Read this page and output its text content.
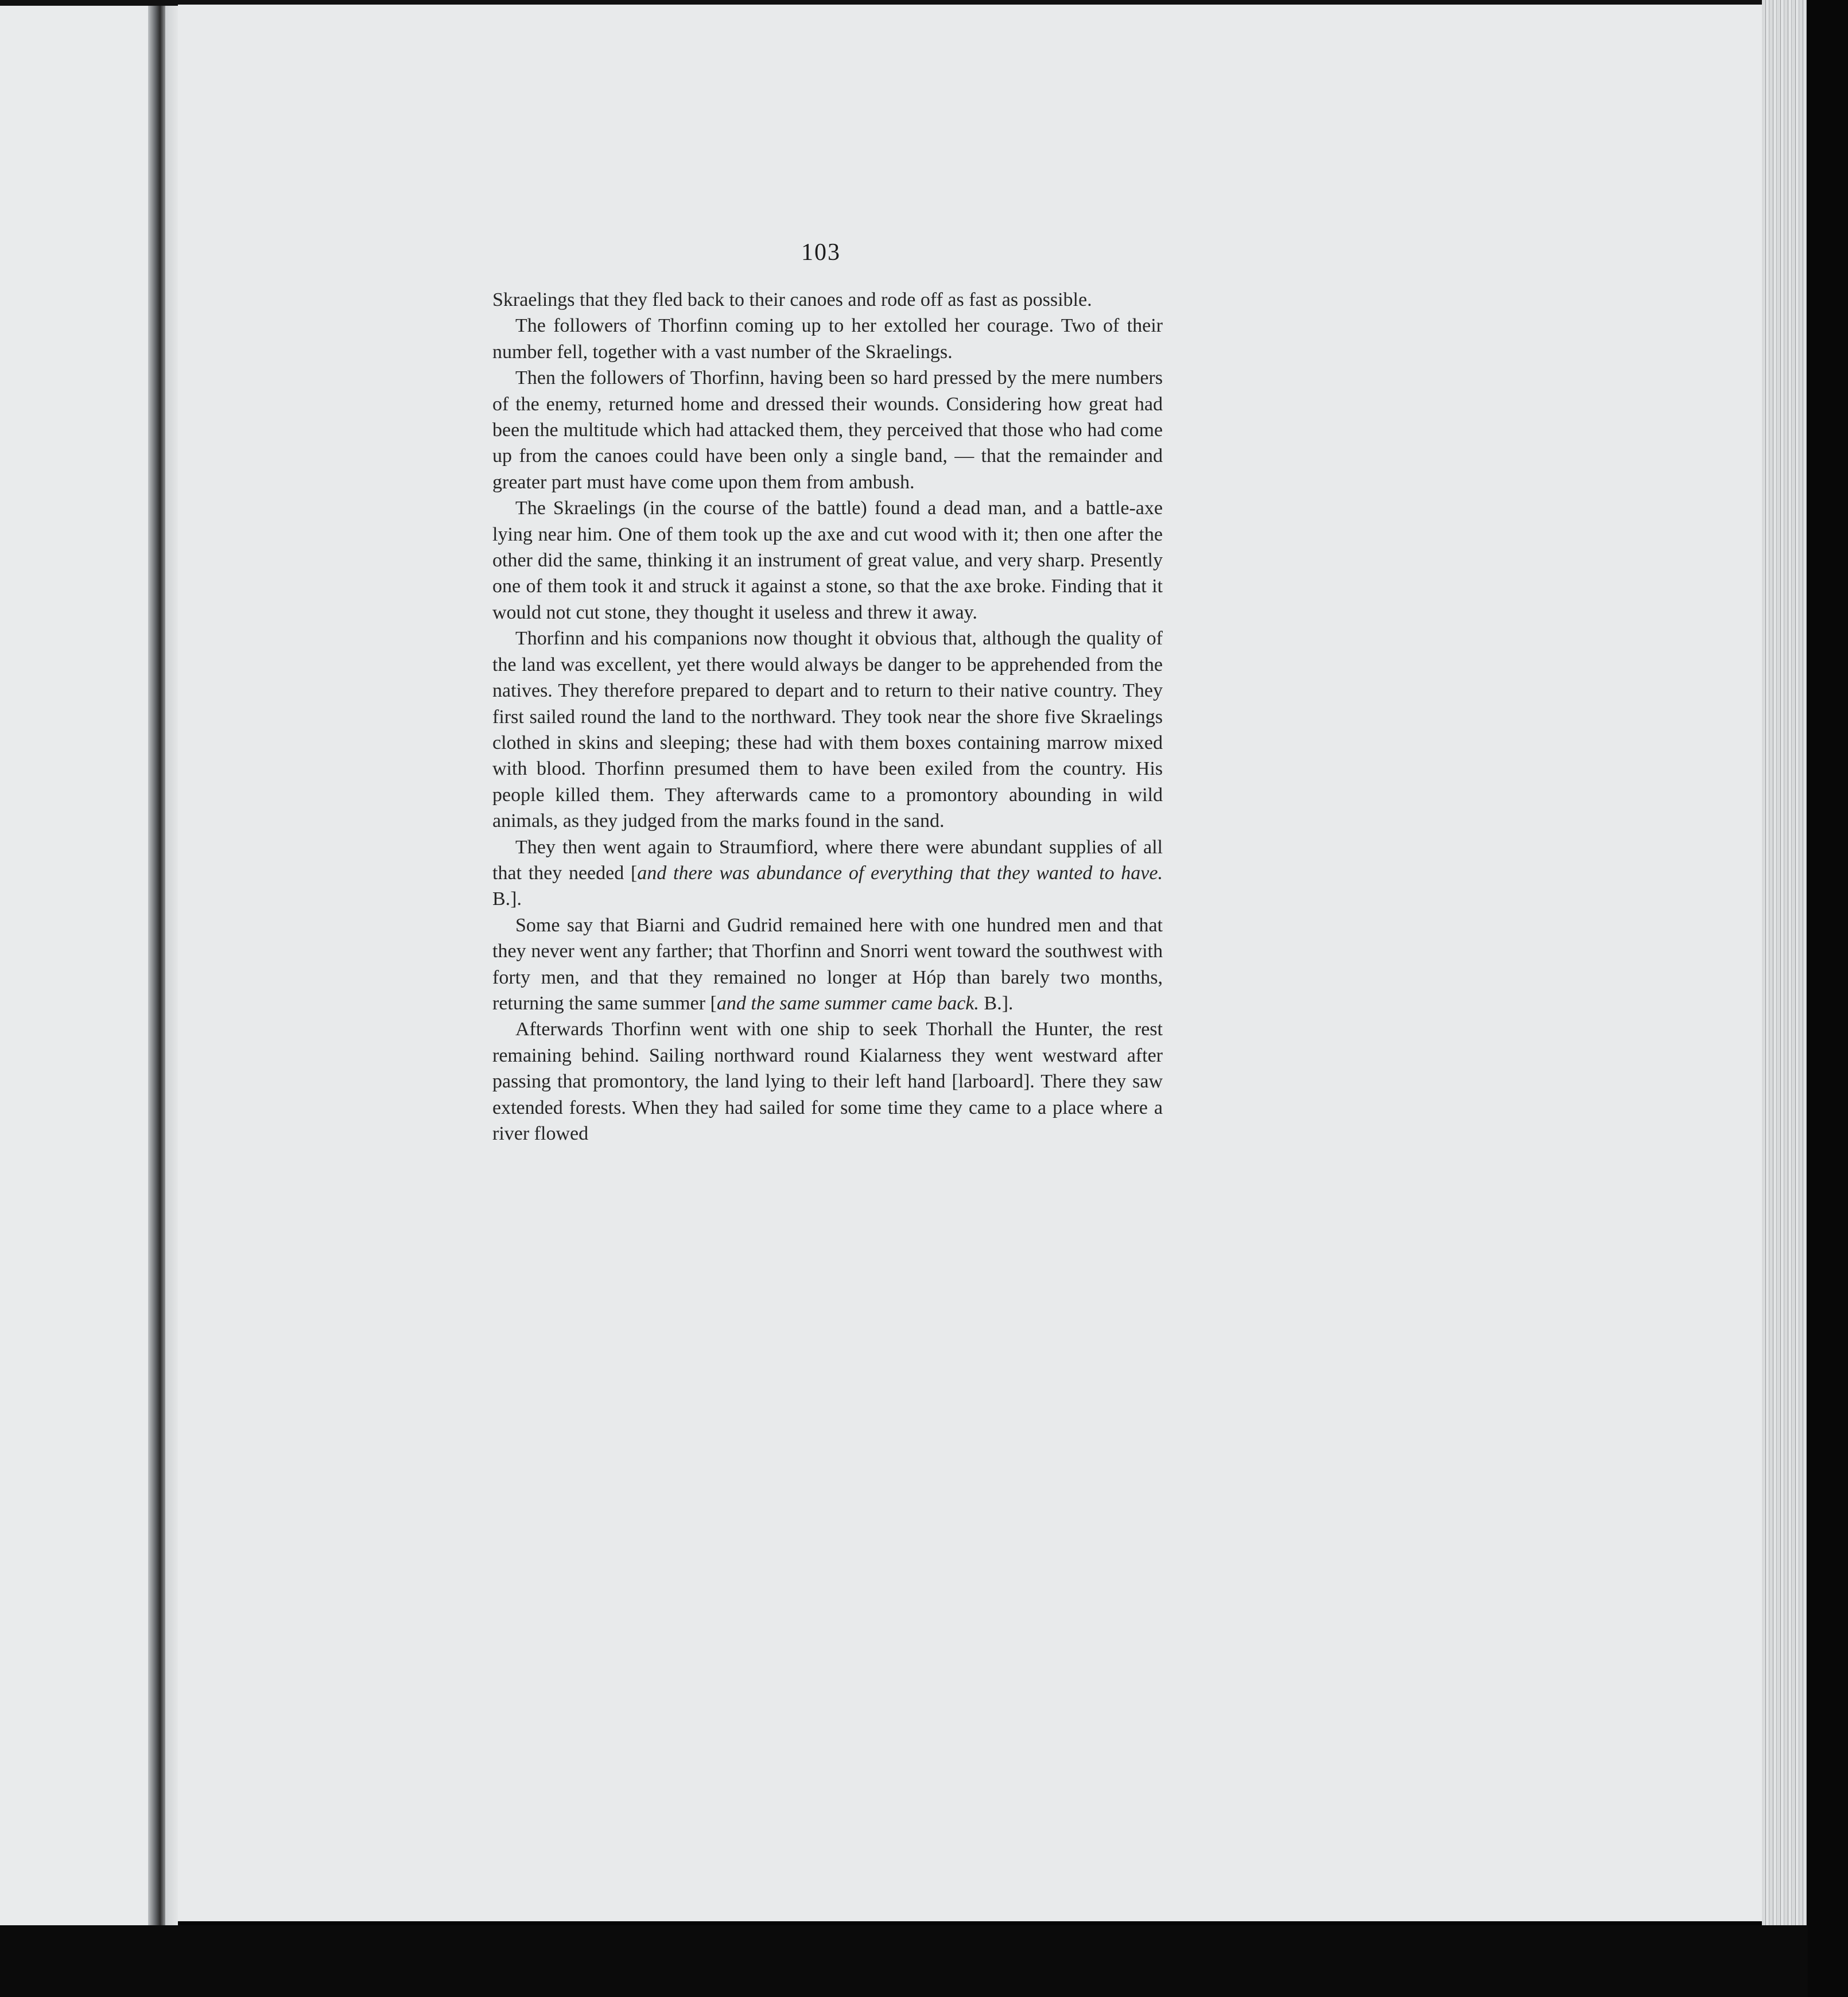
103

Skraelings that they fled back to their canoes and rode off as fast as possible.

The followers of Thorfinn coming up to her extolled her courage. Two of their number fell, together with a vast number of the Skraelings.

Then the followers of Thorfinn, having been so hard pressed by the mere numbers of the enemy, returned home and dressed their wounds. Considering how great had been the multitude which had attacked them, they perceived that those who had come up from the canoes could have been only a single band, — that the remainder and greater part must have come upon them from ambush.

The Skraelings (in the course of the battle) found a dead man, and a battle-axe lying near him. One of them took up the axe and cut wood with it; then one after the other did the same, thinking it an instrument of great value, and very sharp. Presently one of them took it and struck it against a stone, so that the axe broke. Finding that it would not cut stone, they thought it useless and threw it away.

Thorfinn and his companions now thought it obvious that, although the quality of the land was excellent, yet there would always be danger to be apprehended from the natives. They therefore prepared to depart and to return to their native country. They first sailed round the land to the northward. They took near the shore five Skraelings clothed in skins and sleeping; these had with them boxes containing marrow mixed with blood. Thorfinn presumed them to have been exiled from the country. His people killed them. They afterwards came to a promontory abounding in wild animals, as they judged from the marks found in the sand.

They then went again to Straumfiord, where there were abundant supplies of all that they needed [and there was abundance of everything that they wanted to have. B.].

Some say that Biarni and Gudrid remained here with one hundred men and that they never went any farther; that Thorfinn and Snorri went toward the southwest with forty men, and that they remained no longer at Hóp than barely two months, returning the same summer [and the same summer came back. B.].

Afterwards Thorfinn went with one ship to seek Thorhall the Hunter, the rest remaining behind. Sailing northward round Kialarness they went westward after passing that promontory, the land lying to their left hand [larboard]. There they saw extended forests. When they had sailed for some time they came to a place where a river flowed
